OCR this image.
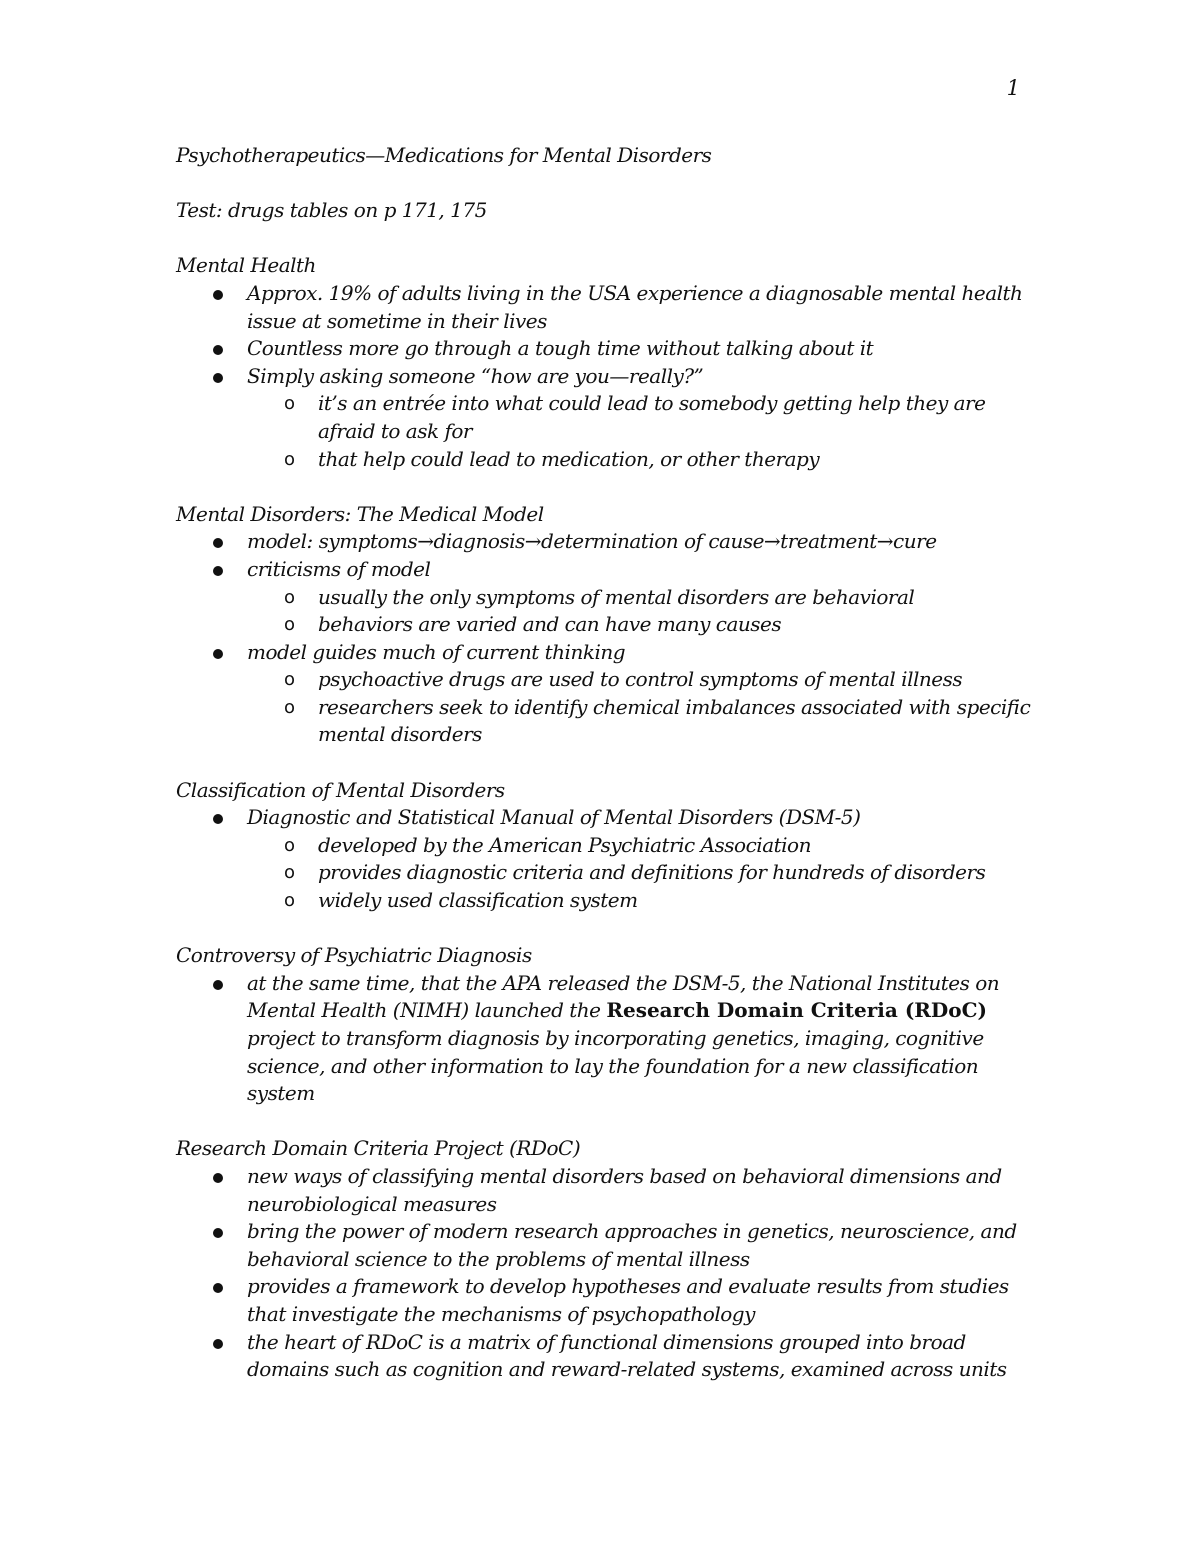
1

Psychotherapeutics—Medications for Mental Disorders

Test: drugs tables on p 171, 175

Mental Health

Approx. 19% of adults living in the USA experience a diagnosable mental health issue at sometime in their lives

Countless more go through a tough time without talking about it

Simply asking someone “how are you—really?”

o it’s an entrée into what could lead to somebody getting help they are afraid to ask for

o that help could lead to medication, or other therapy

Mental Disorders: The Medical Model

model: symptoms→diagnosis→determination of cause→treatment→cure

criticisms of model

o usually the only symptoms of mental disorders are behavioral

o behaviors are varied and can have many causes

model guides much of current thinking

o psychoactive drugs are used to control symptoms of mental illness

o researchers seek to identify chemical imbalances associated with specific mental disorders

Classification of Mental Disorders

Diagnostic and Statistical Manual of Mental Disorders (DSM-5)

o developed by the American Psychiatric Association

o provides diagnostic criteria and definitions for hundreds of disorders

o widely used classification system

Controversy of Psychiatric Diagnosis

at the same time, that the APA released the DSM-5, the National Institutes on Mental Health (NIMH) launched the Research Domain Criteria (RDoC) project to transform diagnosis by incorporating genetics, imaging, cognitive science, and other information to lay the foundation for a new classification system

Research Domain Criteria Project (RDoC)

new ways of classifying mental disorders based on behavioral dimensions and neurobiological measures

bring the power of modern research approaches in genetics, neuroscience, and behavioral science to the problems of mental illness

provides a framework to develop hypotheses and evaluate results from studies that investigate the mechanisms of psychopathology

the heart of RDoC is a matrix of functional dimensions grouped into broad domains such as cognition and reward-related systems, examined across units
